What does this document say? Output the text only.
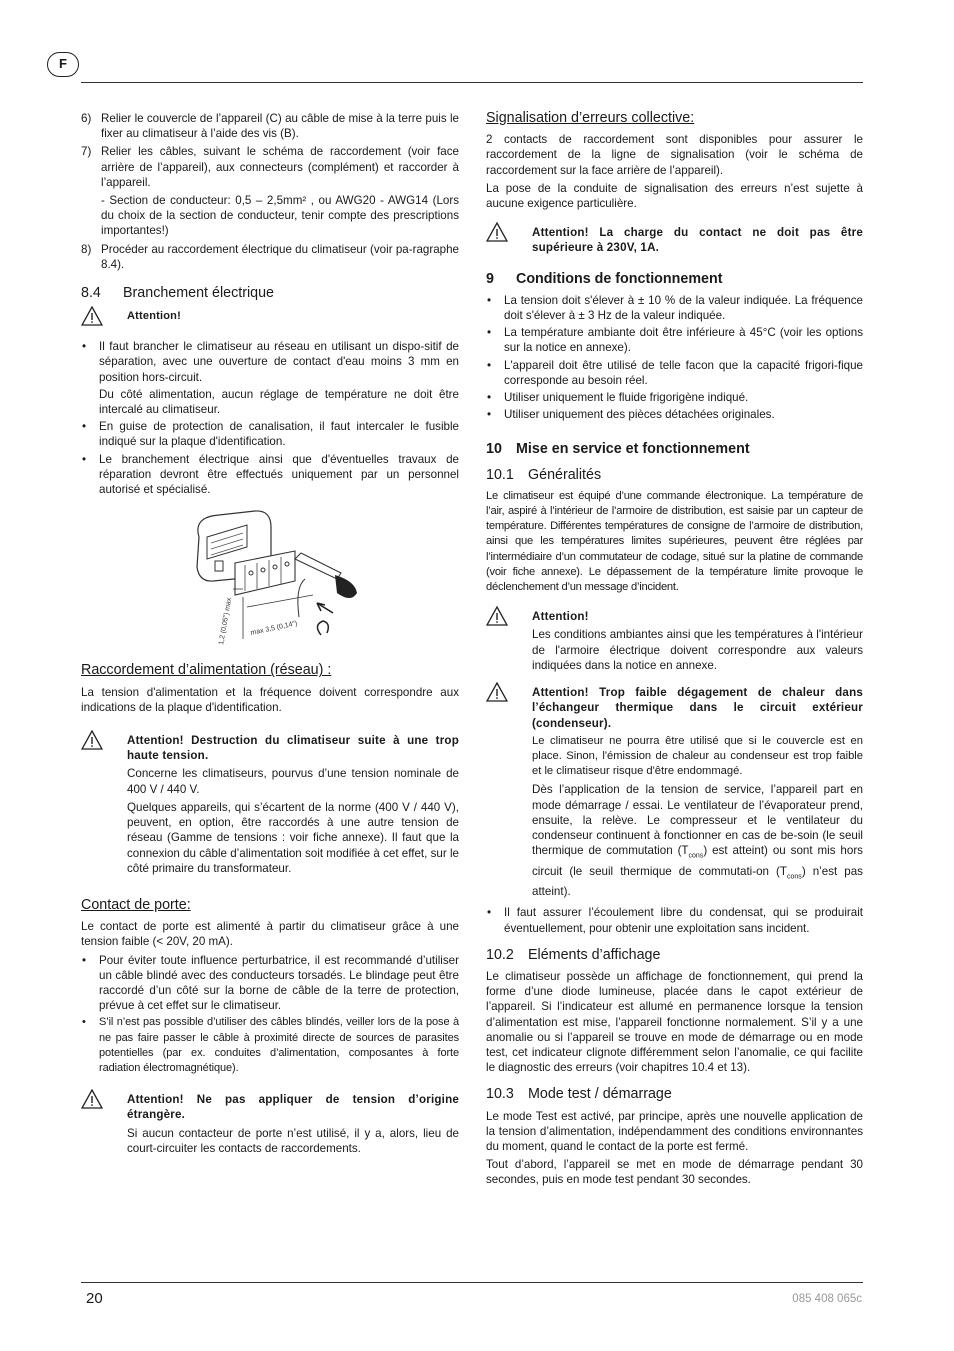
F
6) Relier le couvercle de l’appareil (C) au câble de mise à la terre puis le fixer au climatiseur à l’aide des vis (B).
7) Relier les câbles, suivant le schéma de raccordement (voir face arrière de l’appareil), aux connecteurs (complément) et raccorder à l’appareil.
- Section de conducteur: 0,5 – 2,5mm² , ou AWG20 - AWG14 (Lors du choix de la section de conducteur, tenir compte des prescriptions importantes!)
8) Procéder au raccordement électrique du climatiseur (voir pa-ragraphe 8.4).
8.4 Branchement électrique
Attention!
• Il faut brancher le climatiseur au réseau en utilisant un dispo-sitif de séparation, avec une ouverture de contact d'eau moins 3 mm en position hors-circuit.
Du côté alimentation, aucun réglage de température ne doit être intercalé au climatiseur.
• En guise de protection de canalisation, il faut intercaler le fusible indiqué sur la plaque d'identification.
• Le branchement électrique ainsi que d'éventuelles travaux de réparation devront être effectués uniquement par un personnel autorisé et spécialisé.
max 3,5 (0,14")
1,2 (0,05") max
Raccordement d’alimentation (réseau) :

La tension d'alimentation et la fréquence doivent correspondre aux indications de la plaque d'identification.

Attention! Destruction du climatiseur suite à une trop haute tension.

Concerne les climatiseurs, pourvus d’une tension nominale de 400 V / 440 V.

Quelques appareils, qui s’écartent de la norme (400 V / 440 V), peuvent, en option, être raccordés à une autre tension de réseau (Gamme de tensions : voir fiche annexe). Il faut que la connexion du câble d’alimentation soit modifiée à cet effet, sur le côté primaire du transformateur.

Contact de porte:

Le contact de porte est alimenté à partir du climatiseur grâce à une tension faible (< 20V, 20 mA).

• Pour éviter toute influence perturbatrice, il est recommandé d’utiliser un câble blindé avec des conducteurs torsadés. Le blindage peut être raccordé d’un côté sur la borne de câble de la terre de protection, prévue à cet effet sur le climatiseur.
• S’il n’est pas possible d’utiliser des câbles blindés, veiller lors de la pose à ne pas faire passer le câble à proximité directe de sources de parasites potentielles (par ex. conduites d’alimentation, composantes à forte radiation électromagnétique).

Attention! Ne pas appliquer de tension d’origine étrangère.

Si aucun contacteur de porte n’est utilisé, il y a, alors, lieu de court-circuiter les contacts de raccordements.

Signalisation d’erreurs collective:

2 contacts de raccordement sont disponibles pour assurer le raccordement de la ligne de signalisation (voir le schéma de raccordement sur la face arrière de l’appareil).

La pose de la conduite de signalisation des erreurs n’est sujette à aucune exigence particulière.

Attention! La charge du contact ne doit pas être supérieure à 230V, 1A.

9 Conditions de fonctionnement
• La tension doit s'élever à ± 10 % de la valeur indiquée. La fréquence doit s'élever à ± 3 Hz de la valeur indiquée.
• La température ambiante doit être inférieure à 45°C (voir les options sur la notice en annexe).
• L'appareil doit être utilisé de telle facon que la capacité frigori-fique corresponde au besoin réel.
• Utiliser uniquement le fluide frigorigène indiqué.
• Utiliser uniquement des pièces détachées originales.
10 Mise en service et fonctionnement
10.1 Généralités

Le climatiseur est équipé d’une commande électronique. La température de l’air, aspiré à l’intérieur de l’armoire de distribution, est saisie par un capteur de température. Différentes températures de consigne de l’armoire de distribution, ainsi que les températures limites supérieures, peuvent être réglées par l’intermédiaire d’un commutateur de codage, situé sur la platine de commande (voir fiche annexe). Le dépassement de la température limite provoque le déclenchement d’un message d’incident.

Attention!

Les conditions ambiantes ainsi que les températures à l'intérieur de l'armoire électrique doivent correspondre aux valeurs indiquées dans la notice en annexe.

Attention! Trop faible dégagement de chaleur dans l’échangeur thermique dans le circuit extérieur (condenseur).

Le climatiseur ne pourra être utilisé que si le couvercle est en place. Sinon, l'émission de chaleur au condenseur est trop faible et le climatiseur risque d'être endommagé.

Dès l’application de la tension de service, l’appareil part en mode démarrage / essai. Le ventilateur de l’évaporateur prend, ensuite, la relève. Le compresseur et le ventilateur du condenseur continuent à fonctionner en cas de be-soin (le seuil thermique de commutation $(T_{cons})$ est atteint) ou sont mis hors circuit (le seuil thermique de commutati-on $(T_{cons})$ n’est pas atteint).

• Il faut assurer l’écoulement libre du condensat, qui se produirait éventuellement, pour obtenir une exploitation sans incident.
10.2 Eléments d’affichage

Le climatiseur possède un affichage de fonctionnement, qui prend la forme d’une diode lumineuse, placée dans le capot extérieur de l’appareil. Si l’indicateur est allumé en permanence lorsque la tension d’alimentation est mise, l’appareil fonctionne normalement. S’il y a une anomalie ou si l’appareil se trouve en mode de démarrage ou en mode test, cet indicateur clignote différemment selon l’anomalie, ce qui facilite le diagnostic des erreurs (voir chapitres 10.4 et 13).

10.3 Mode test / démarrage

Le mode Test est activé, par principe, après une nouvelle application de la tension d’alimentation, indépendamment des conditions environnantes du moment, quand le contact de la porte est fermé.

Tout d’abord, l’appareil se met en mode de démarrage pendant 30 secondes, puis en mode test pendant 30 secondes.

20	085 408 065c
